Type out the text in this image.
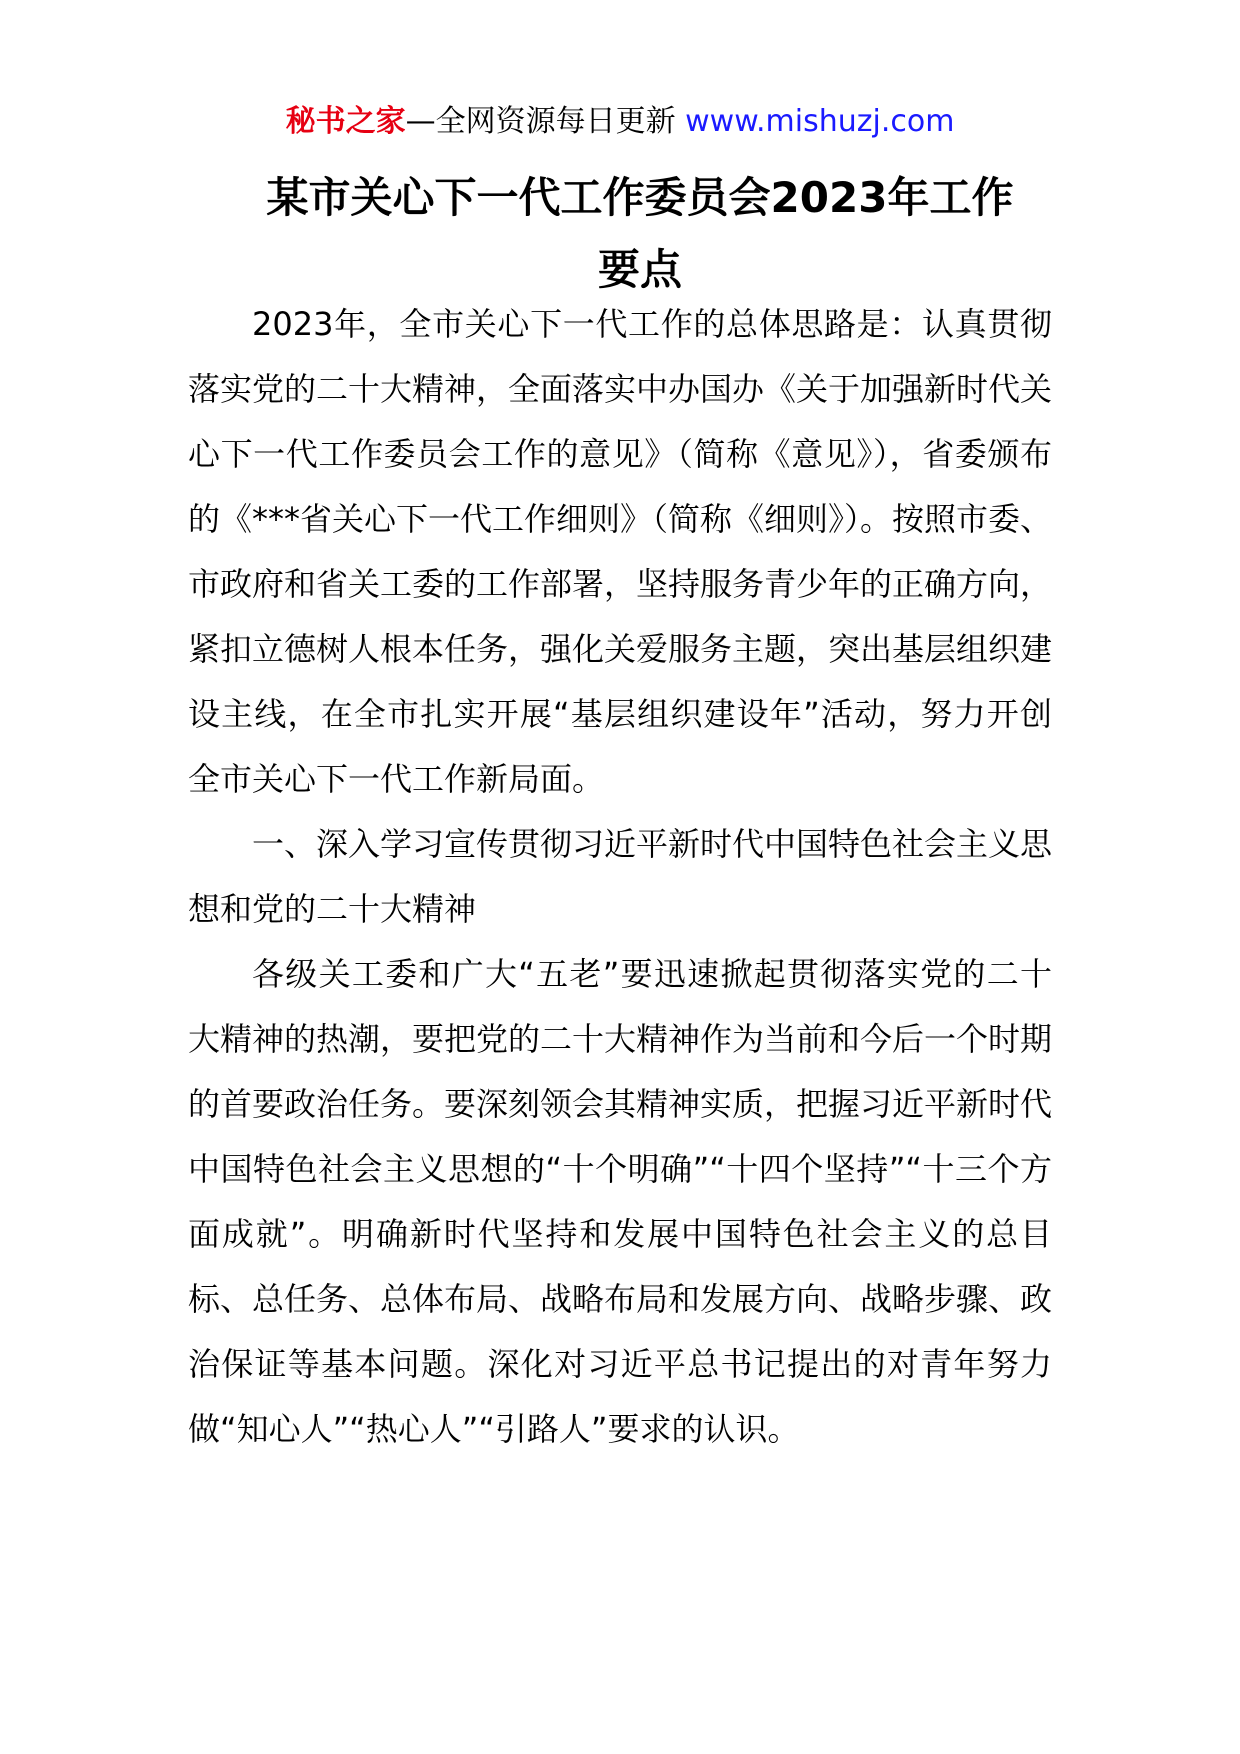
秘书之家—全网资源每日更新 www.mishuzj.com
某市关心下一代工作委员会2023年工作要点

2023年，全市关心下一代工作的总体思路是：认真贯彻落实党的二十大精神，全面落实中办国办《关于加强新时代关心下一代工作委员会工作的意见》（简称《意见》），省委颁布的《***省关心下一代工作细则》（简称《细则》）。按照市委、市政府和省关工委的工作部署，坚持服务青少年的正确方向，紧扣立德树人根本任务，强化关爱服务主题，突出基层组织建设主线，在全市扎实开展“基层组织建设年”活动，努力开创全市关心下一代工作新局面。

一、深入学习宣传贯彻习近平新时代中国特色社会主义思想和党的二十大精神

各级关工委和广大“五老”要迅速掀起贯彻落实党的二十大精神的热潮，要把党的二十大精神作为当前和今后一个时期的首要政治任务。要深刻领会其精神实质，把握习近平新时代中国特色社会主义思想的“十个明确”“十四个坚持”“十三个方面成就”。明确新时代坚持和发展中国特色社会主义的总目标、总任务、总体布局、战略布局和发展方向、战略步骤、政治保证等基本问题。深化对习近平总书记提出的对青年努力做“知心人”“热心人”“引路人”要求的认识。
